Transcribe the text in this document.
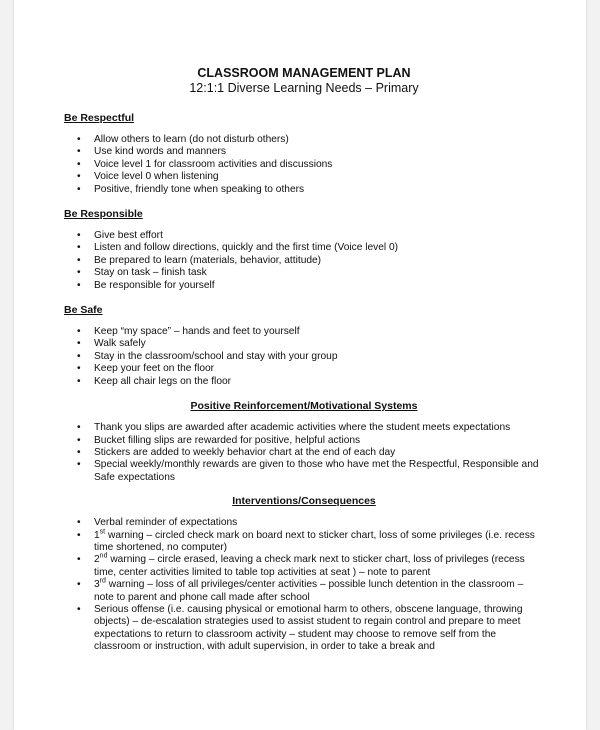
CLASSROOM MANAGEMENT PLAN
12:1:1 Diverse Learning Needs – Primary
Be Respectful
• Allow others to learn (do not disturb others)
• Use kind words and manners
• Voice level 1 for classroom activities and discussions
• Voice level 0 when listening
• Positive, friendly tone when speaking to others
Be Responsible
• Give best effort
• Listen and follow directions, quickly and the first time (Voice level 0)
• Be prepared to learn (materials, behavior, attitude)
• Stay on task – finish task
• Be responsible for yourself
Be Safe
• Keep “my space” – hands and feet to yourself
• Walk safely
• Stay in the classroom/school and stay with your group
• Keep your feet on the floor
• Keep all chair legs on the floor
Positive Reinforcement/Motivational Systems
• Thank you slips are awarded after academic activities where the student meets expectations
• Bucket filling slips are rewarded for positive, helpful actions
• Stickers are added to weekly behavior chart at the end of each day
• Special weekly/monthly rewards are given to those who have met the Respectful, Responsible and Safe expectations
Interventions/Consequences
• Verbal reminder of expectations
• 1st warning – circled check mark on board next to sticker chart, loss of some privileges (i.e. recess time shortened, no computer)
• 2nd warning – circle erased, leaving a check mark next to sticker chart, loss of privileges (recess time, center activities limited to table top activities at seat ) – note to parent
• 3rd warning – loss of all privileges/center activities – possible lunch detention in the classroom – note to parent and phone call made after school
• Serious offense (i.e. causing physical or emotional harm to others, obscene language, throwing objects) – de-escalation strategies used to assist student to regain control and prepare to meet expectations to return to classroom activity – student may choose to remove self from the classroom or instruction, with adult supervision, in order to take a break and
